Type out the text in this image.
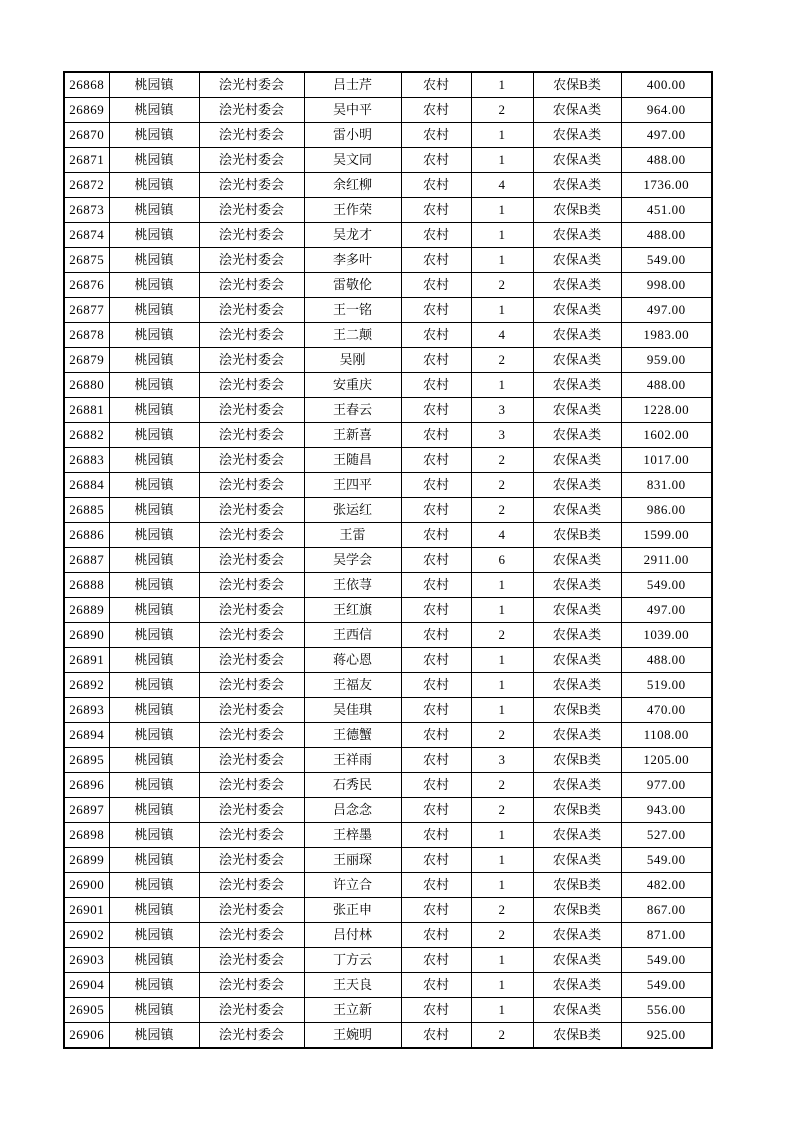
26868	桃园镇	浍光村委会	吕士芹	农村	1	农保B类	400.00
26869	桃园镇	浍光村委会	吴中平	农村	2	农保A类	964.00
26870	桃园镇	浍光村委会	雷小明	农村	1	农保A类	497.00
26871	桃园镇	浍光村委会	吴文同	农村	1	农保A类	488.00
26872	桃园镇	浍光村委会	余红柳	农村	4	农保A类	1736.00
26873	桃园镇	浍光村委会	王作荣	农村	1	农保B类	451.00
26874	桃园镇	浍光村委会	吴龙才	农村	1	农保A类	488.00
26875	桃园镇	浍光村委会	李多叶	农村	1	农保A类	549.00
26876	桃园镇	浍光村委会	雷敬伦	农村	2	农保A类	998.00
26877	桃园镇	浍光村委会	王一铭	农村	1	农保A类	497.00
26878	桃园镇	浍光村委会	王二颠	农村	4	农保A类	1983.00
26879	桃园镇	浍光村委会	吴刚	农村	2	农保A类	959.00
26880	桃园镇	浍光村委会	安重庆	农村	1	农保A类	488.00
26881	桃园镇	浍光村委会	王春云	农村	3	农保A类	1228.00
26882	桃园镇	浍光村委会	王新喜	农村	3	农保A类	1602.00
26883	桃园镇	浍光村委会	王随昌	农村	2	农保A类	1017.00
26884	桃园镇	浍光村委会	王四平	农村	2	农保A类	831.00
26885	桃园镇	浍光村委会	张运红	农村	2	农保A类	986.00
26886	桃园镇	浍光村委会	王雷	农村	4	农保B类	1599.00
26887	桃园镇	浍光村委会	吴学会	农村	6	农保A类	2911.00
26888	桃园镇	浍光村委会	王依荨	农村	1	农保A类	549.00
26889	桃园镇	浍光村委会	王红旗	农村	1	农保A类	497.00
26890	桃园镇	浍光村委会	王西信	农村	2	农保A类	1039.00
26891	桃园镇	浍光村委会	蒋心恩	农村	1	农保A类	488.00
26892	桃园镇	浍光村委会	王福友	农村	1	农保A类	519.00
26893	桃园镇	浍光村委会	吴佳琪	农村	1	农保B类	470.00
26894	桃园镇	浍光村委会	王德蟹	农村	2	农保A类	1108.00
26895	桃园镇	浍光村委会	王祥雨	农村	3	农保B类	1205.00
26896	桃园镇	浍光村委会	石秀民	农村	2	农保A类	977.00
26897	桃园镇	浍光村委会	吕念念	农村	2	农保B类	943.00
26898	桃园镇	浍光村委会	王梓墨	农村	1	农保A类	527.00
26899	桃园镇	浍光村委会	王丽琛	农村	1	农保A类	549.00
26900	桃园镇	浍光村委会	许立合	农村	1	农保B类	482.00
26901	桃园镇	浍光村委会	张正申	农村	2	农保B类	867.00
26902	桃园镇	浍光村委会	吕付林	农村	2	农保A类	871.00
26903	桃园镇	浍光村委会	丁方云	农村	1	农保A类	549.00
26904	桃园镇	浍光村委会	王天良	农村	1	农保A类	549.00
26905	桃园镇	浍光村委会	王立新	农村	1	农保A类	556.00
26906	桃园镇	浍光村委会	王婉明	农村	2	农保B类	925.00
